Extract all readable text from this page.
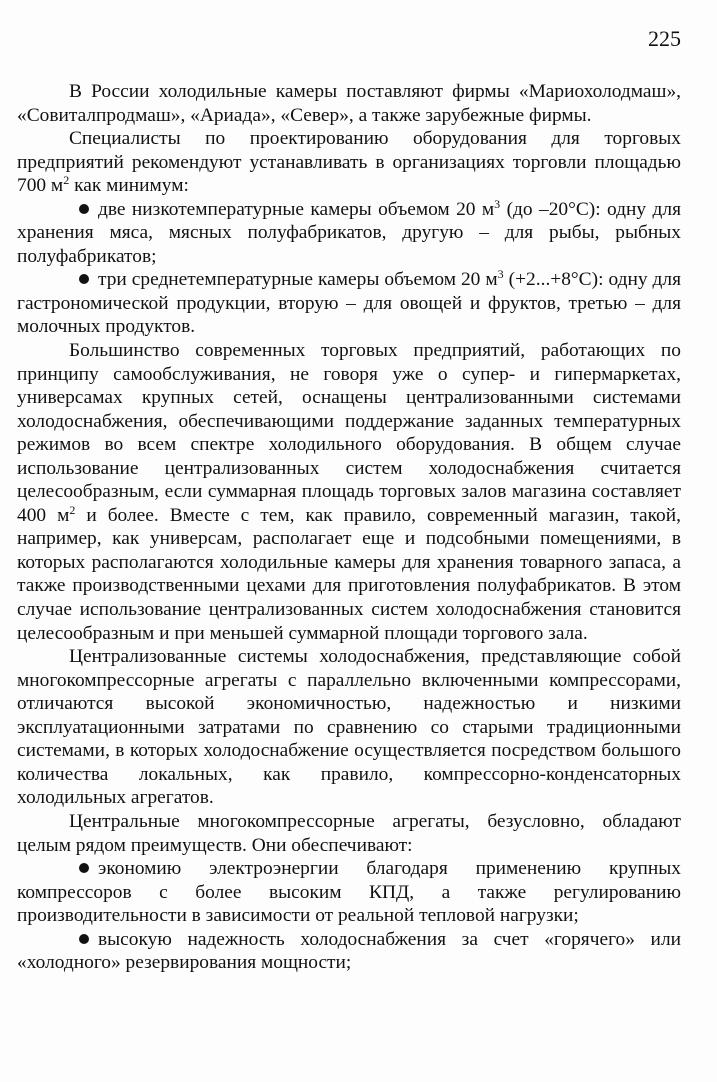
225

В России холодильные камеры поставляют фирмы «Мариохолодмаш», «Совиталпродмаш», «Ариада», «Север», а также зарубежные фирмы.

Специалисты по проектированию оборудования для торговых предприятий рекомендуют устанавливать в организациях торговли площадью 700 $м^2$ как минимум:

две низкотемпературные камеры объемом 20 $м^3$ (до –20°С): одну для хранения мяса, мясных полуфабрикатов, другую – для рыбы, рыбных полуфабрикатов;

три среднетемпературные камеры объемом 20 $м^3$ (+2...+8°С): одну для гастрономической продукции, вторую – для овощей и фруктов, третью – для молочных продуктов.

Большинство современных торговых предприятий, работающих по принципу самообслуживания, не говоря уже о супер- и гипермаркетах, универсамах крупных сетей, оснащены централизованными системами холодоснабжения, обеспечивающими поддержание заданных температурных режимов во всем спектре холодильного оборудования. В общем случае использование централизованных систем холодоснабжения считается целесообразным, если суммарная площадь торговых залов магазина составляет 400 $м^2$ и более. Вместе с тем, как правило, современный магазин, такой, например, как универсам, располагает еще и подсобными помещениями, в которых располагаются холодильные камеры для хранения товарного запаса, а также производственными цехами для приготовления полуфабрикатов. В этом случае использование централизованных систем холодоснабжения становится целесообразным и при меньшей суммарной площади торгового зала.

Централизованные системы холодоснабжения, представляющие собой многокомпрессорные агрегаты с параллельно включенными компрессорами, отличаются высокой экономичностью, надежностью и низкими эксплуатационными затратами по сравнению со старыми традиционными системами, в которых холодоснабжение осуществляется посредством большого количества локальных, как правило, компрессорно-конденсаторных холодильных агрегатов.

Центральные многокомпрессорные агрегаты, безусловно, обладают целым рядом преимуществ. Они обеспечивают:

экономию электроэнергии благодаря применению крупных компрессоров с более высоким КПД, а также регулированию производительности в зависимости от реальной тепловой нагрузки;

высокую надежность холодоснабжения за счет «горячего» или «холодного» резервирования мощности;
